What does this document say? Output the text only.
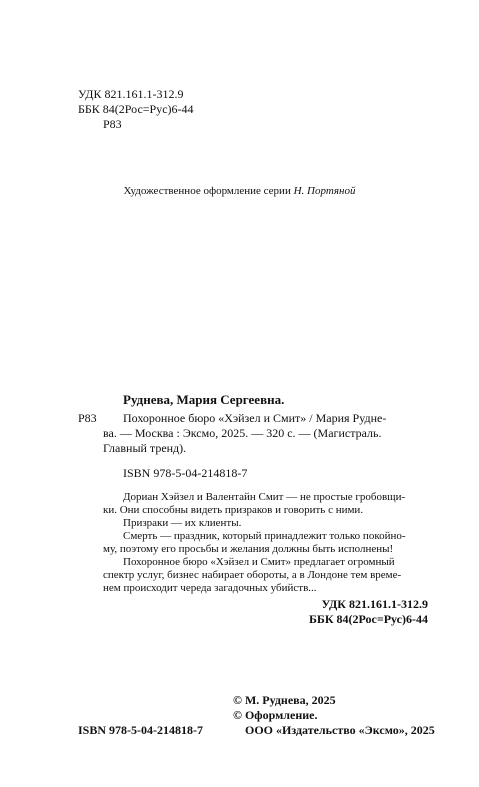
УДК 821.161.1-312.9
ББК 84(2Рос=Рус)6-44
Р83
Художественное оформление серии Н. Портяной
Руднева, Мария Сергеевна.
Р83 Похоронное бюро «Хэйзел и Смит» / Мария Рудне-
ва. — Москва : Эксмо, 2025. — 320 с. — (Магистраль.
Главный тренд).
ISBN 978-5-04-214818-7
Дориан Хэйзел и Валентайн Смит — не простые гробовщи-
ки. Они способны видеть призраков и говорить с ними.
Призраки — их клиенты.
Смерть — праздник, который принадлежит только покойно-
му, поэтому его просьбы и желания должны быть исполнены!
Похоронное бюро «Хэйзел и Смит» предлагает огромный
спектр услуг, бизнес набирает обороты, а в Лондоне тем време-
нем происходит череда загадочных убийств...
УДК 821.161.1-312.9
ББК 84(2Рос=Рус)6-44
© М. Руднева, 2025
© Оформление.
ISBN 978-5-04-214818-7	ООО «Издательство «Эксмо», 2025
